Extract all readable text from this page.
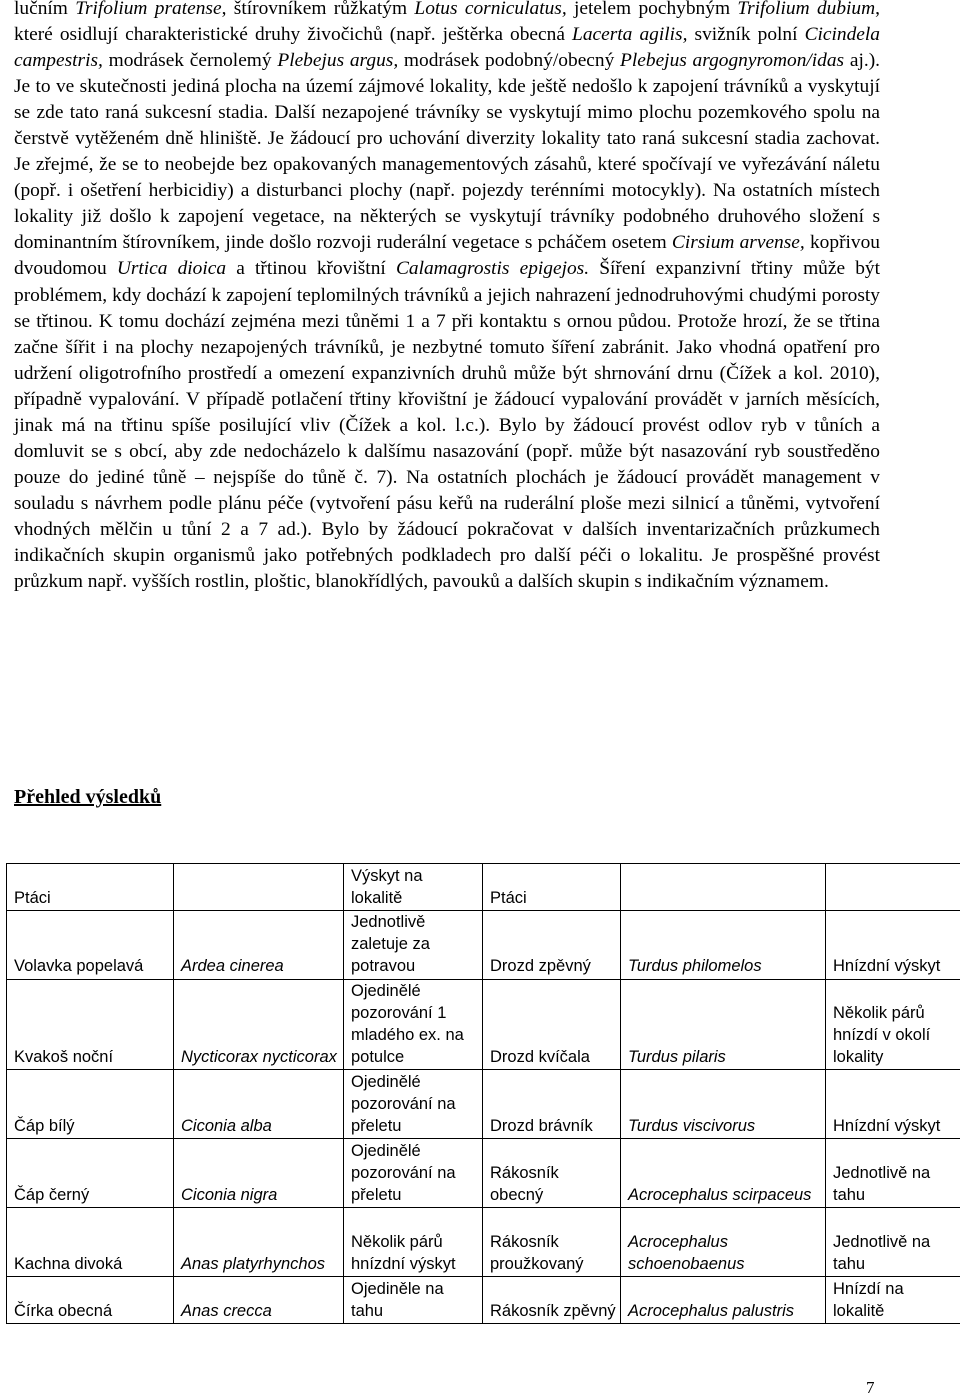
lučním Trifolium pratense, štírovníkem růžkatým Lotus corniculatus, jetelem pochybným Trifolium dubium, které osidlují charakteristické druhy živočichů (např. ještěrka obecná Lacerta agilis, svižník polní Cicindela campestris, modrásek černolemý Plebejus argus, modrásek podobný/obecný Plebejus argognyromon/idas aj.). Je to ve skutečnosti jediná plocha na území zájmové lokality, kde ještě nedošlo k zapojení trávníků a vyskytují se zde tato raná sukcesní stadia. Další nezapojené trávníky se vyskytují mimo plochu pozemkového spolu na čerstvě vytěženém dně hliniště. Je žádoucí pro uchování diverzity lokality tato raná sukcesní stadia zachovat. Je zřejmé, že se to neobejde bez opakovaných managementových zásahů, které spočívají ve vyřezávání náletu (popř. i ošetření herbicidiy) a disturbanci plochy (např. pojezdy terénními motocykly). Na ostatních místech lokality již došlo k zapojení vegetace, na některých se vyskytují trávníky podobného druhového složení s dominantním štírovníkem, jinde došlo rozvoji ruderální vegetace s pcháčem osetem Cirsium arvense, kopřivou dvoudomou Urtica dioica a třtinou křovištní Calamagrostis epigejos. Šíření expanzivní třtiny může být problémem, kdy dochází k zapojení teplomilných trávníků a jejich nahrazení jednodruhovými chudými porosty se třtinou. K tomu dochází zejména mezi tůněmi 1 a 7 při kontaktu s ornou půdou. Protože hrozí, že se třtina začne šířit i na plochy nezapojených trávníků, je nezbytné tomuto šíření zabránit. Jako vhodná opatření pro udržení oligotrofního prostředí a omezení expanzivních druhů může být shrnování drnu (Čížek a kol. 2010), případně vypalování. V případě potlačení třtiny křovištní je žádoucí vypalování provádět v jarních měsících, jinak má na třtinu spíše posilující vliv (Čížek a kol. l.c.). Bylo by žádoucí provést odlov ryb v tůních a domluvit se s obcí, aby zde nedocházelo k dalšímu nasazování (popř. může být nasazování ryb soustředěno pouze do jediné tůně – nejspíše do tůně č. 7). Na ostatních plochách je žádoucí provádět management v souladu s návrhem podle plánu péče (vytvoření pásu keřů na ruderální ploše mezi silnicí a tůněmi, vytvoření vhodných mělčin u tůní 2 a 7 ad.). Bylo by žádoucí pokračovat v dalších inventarizačních průzkumech indikačních skupin organismů jako potřebných podkladech pro další péči o lokalitu. Je prospěšné provést průzkum např. vyšších rostlin, ploštic, blanokřídlých, pavouků a dalších skupin s indikačním významem.

Přehled výsledků
Ptáci		Výskyt na lokalitě	Ptáci		
Volavka popelavá	Ardea cinerea	Jednotlivě zaletuje za potravou	Drozd zpěvný	Turdus philomelos	Hnízdní výskyt
Kvakoš noční	Nycticorax nycticorax	Ojedinělé pozorování 1 mladého ex. na potulce	Drozd kvíčala	Turdus pilaris	Několik párů hnízdí v okolí lokality
Čáp bílý	Ciconia alba	Ojedinělé pozorování na přeletu	Drozd brávník	Turdus viscivorus	Hnízdní výskyt
Čáp černý	Ciconia nigra	Ojedinělé pozorování na přeletu	Rákosník obecný	Acrocephalus scirpaceus	Jednotlivě na tahu
Kachna divoká	Anas platyrhynchos	Několik párů hnízdní výskyt	Rákosník proužkovaný	Acrocephalus schoenobaenus	Jednotlivě na tahu
Čírka obecná	Anas crecca	Ojediněle na tahu	Rákosník zpěvný	Acrocephalus palustris	Hnízdí na lokalitě
7
